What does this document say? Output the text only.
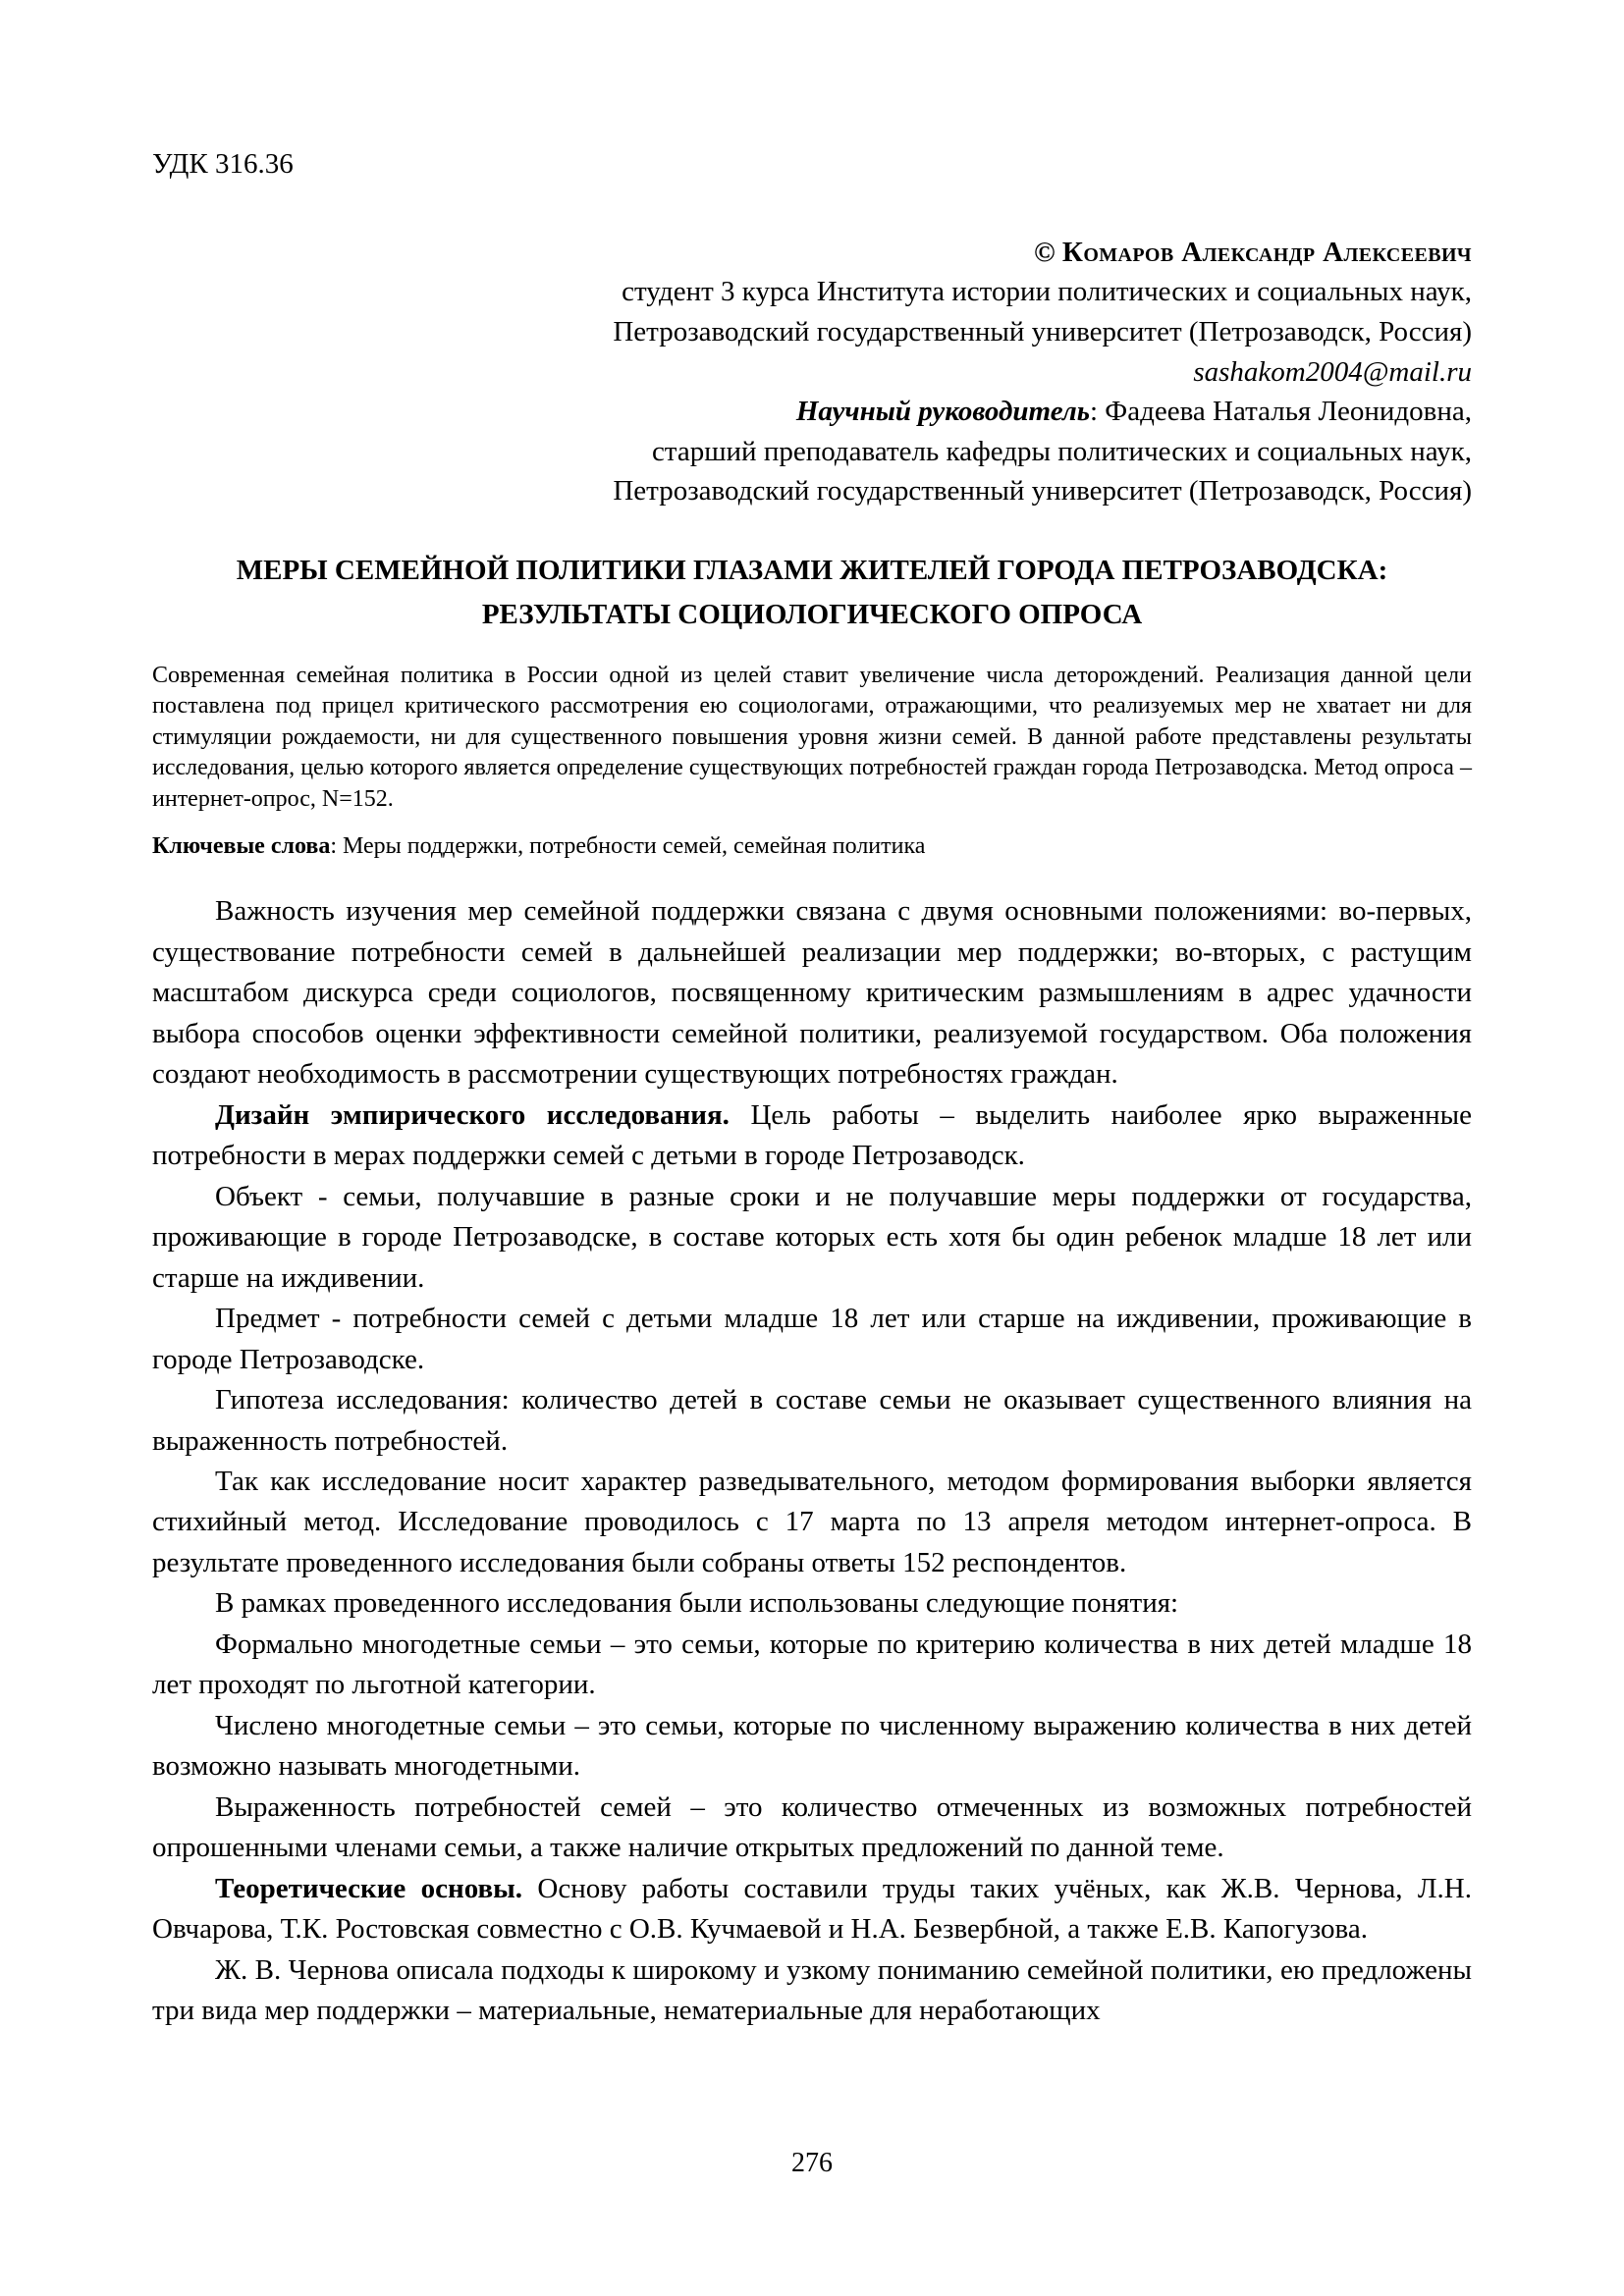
УДК 316.36
© Комаров Александр Алексеевич
студент 3 курса Института истории политических и социальных наук,
Петрозаводский государственный университет (Петрозаводск, Россия)
sashakom2004@mail.ru
Научный руководитель: Фадеева Наталья Леонидовна,
старший преподаватель кафедры политических и социальных наук,
Петрозаводский государственный университет (Петрозаводск, Россия)
МЕРЫ СЕМЕЙНОЙ ПОЛИТИКИ ГЛАЗАМИ ЖИТЕЛЕЙ ГОРОДА ПЕТРОЗАВОДСКА: РЕЗУЛЬТАТЫ СОЦИОЛОГИЧЕСКОГО ОПРОСА
Современная семейная политика в России одной из целей ставит увеличение числа деторождений. Реализация данной цели поставлена под прицел критического рассмотрения ею социологами, отражающими, что реализуемых мер не хватает ни для стимуляции рождаемости, ни для существенного повышения уровня жизни семей. В данной работе представлены результаты исследования, целью которого является определение существующих потребностей граждан города Петрозаводска. Метод опроса – интернет-опрос, N=152.
Ключевые слова: Меры поддержки, потребности семей, семейная политика

Важность изучения мер семейной поддержки связана с двумя основными положениями: во-первых, существование потребности семей в дальнейшей реализации мер поддержки; во-вторых, с растущим масштабом дискурса среди социологов, посвященному критическим размышлениям в адрес удачности выбора способов оценки эффективности семейной политики, реализуемой государством. Оба положения создают необходимость в рассмотрении существующих потребностях граждан.

Дизайн эмпирического исследования. Цель работы – выделить наиболее ярко выраженные потребности в мерах поддержки семей с детьми в городе Петрозаводск.

Объект - семьи, получавшие в разные сроки и не получавшие меры поддержки от государства, проживающие в городе Петрозаводске, в составе которых есть хотя бы один ребенок младше 18 лет или старше на иждивении.

Предмет - потребности семей с детьми младше 18 лет или старше на иждивении, проживающие в городе Петрозаводске.

Гипотеза исследования: количество детей в составе семьи не оказывает существенного влияния на выраженность потребностей.

Так как исследование носит характер разведывательного, методом формирования выборки является стихийный метод. Исследование проводилось с 17 марта по 13 апреля методом интернет-опроса. В результате проведенного исследования были собраны ответы 152 респондентов.

В рамках проведенного исследования были использованы следующие понятия:

Формально многодетные семьи – это семьи, которые по критерию количества в них детей младше 18 лет проходят по льготной категории.

Числено многодетные семьи – это семьи, которые по численному выражению количества в них детей возможно называть многодетными.

Выраженность потребностей семей – это количество отмеченных из возможных потребностей опрошенными членами семьи, а также наличие открытых предложений по данной теме.

Теоретические основы. Основу работы составили труды таких учёных, как Ж.В. Чернова, Л.Н. Овчарова, Т.К. Ростовская совместно с О.В. Кучмаевой и Н.А. Безвербной, а также Е.В. Капогузова.

Ж. В. Чернова описала подходы к широкому и узкому пониманию семейной политики, ею предложены три вида мер поддержки – материальные, нематериальные для неработающих

276
